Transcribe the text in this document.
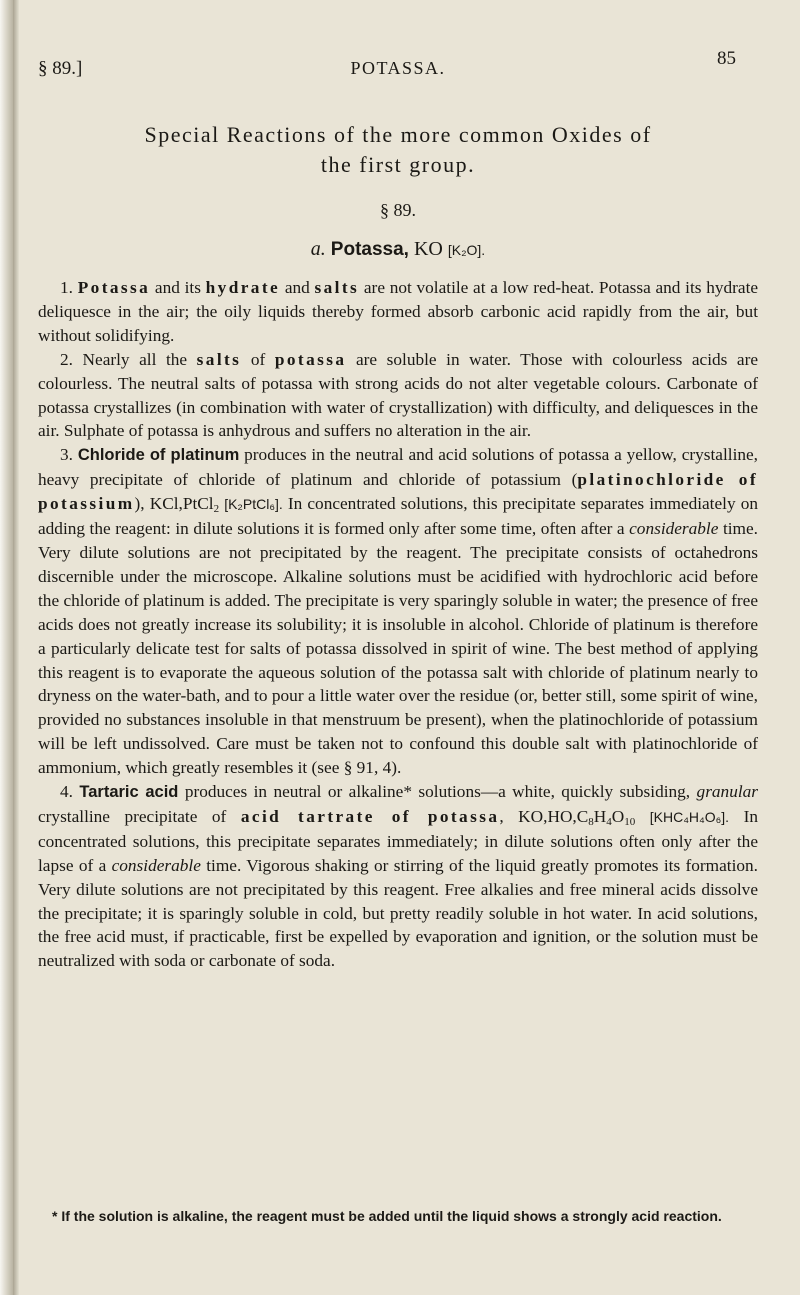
§ 89.]	POTASSA.	85
Special Reactions of the more common Oxides of
the first group.
§ 89.
a. Potassa, KO [K₂O].

1. Potassa and its hydrate and salts are not volatile at a low red-heat. Potassa and its hydrate deliquesce in the air; the oily liquids thereby formed absorb carbonic acid rapidly from the air, but without solidifying.

2. Nearly all the salts of potassa are soluble in water. Those with colourless acids are colourless. The neutral salts of potassa with strong acids do not alter vegetable colours. Carbonate of potassa crystallizes (in combination with water of crystallization) with difficulty, and deliquesces in the air. Sulphate of potassa is anhydrous and suffers no alteration in the air.

3. Chloride of platinum produces in the neutral and acid solutions of potassa a yellow, crystalline, heavy precipitate of chloride of platinum and chloride of potassium (platinochloride of potassium), KCl,PtCl$_2$ [K₂PtCl₆]. In concentrated solutions, this precipitate separates immediately on adding the reagent: in dilute solutions it is formed only after some time, often after a considerable time. Very dilute solutions are not precipitated by the reagent. The precipitate consists of octahedrons discernible under the microscope. Alkaline solutions must be acidified with hydrochloric acid before the chloride of platinum is added. The precipitate is very sparingly soluble in water; the presence of free acids does not greatly increase its solubility; it is insoluble in alcohol. Chloride of platinum is therefore a particularly delicate test for salts of potassa dissolved in spirit of wine. The best method of applying this reagent is to evaporate the aqueous solution of the potassa salt with chloride of platinum nearly to dryness on the water-bath, and to pour a little water over the residue (or, better still, some spirit of wine, provided no substances insoluble in that menstruum be present), when the platinochloride of potassium will be left undissolved. Care must be taken not to confound this double salt with platinochloride of ammonium, which greatly resembles it (see § 91, 4).

4. Tartaric acid produces in neutral or alkaline* solutions—a white, quickly subsiding, granular crystalline precipitate of acid tartrate of potassa, $KO,HO,C_8H_4O_{10}$ [KHC₄H₄O₆]. In concentrated solutions, this precipitate separates immediately; in dilute solutions often only after the lapse of a considerable time. Vigorous shaking or stirring of the liquid greatly promotes its formation. Very dilute solutions are not precipitated by this reagent. Free alkalies and free mineral acids dissolve the precipitate; it is sparingly soluble in cold, but pretty readily soluble in hot water. In acid solutions, the free acid must, if practicable, first be expelled by evaporation and ignition, or the solution must be neutralized with soda or carbonate of soda.

* If the solution is alkaline, the reagent must be added until the liquid shows a strongly acid reaction.
